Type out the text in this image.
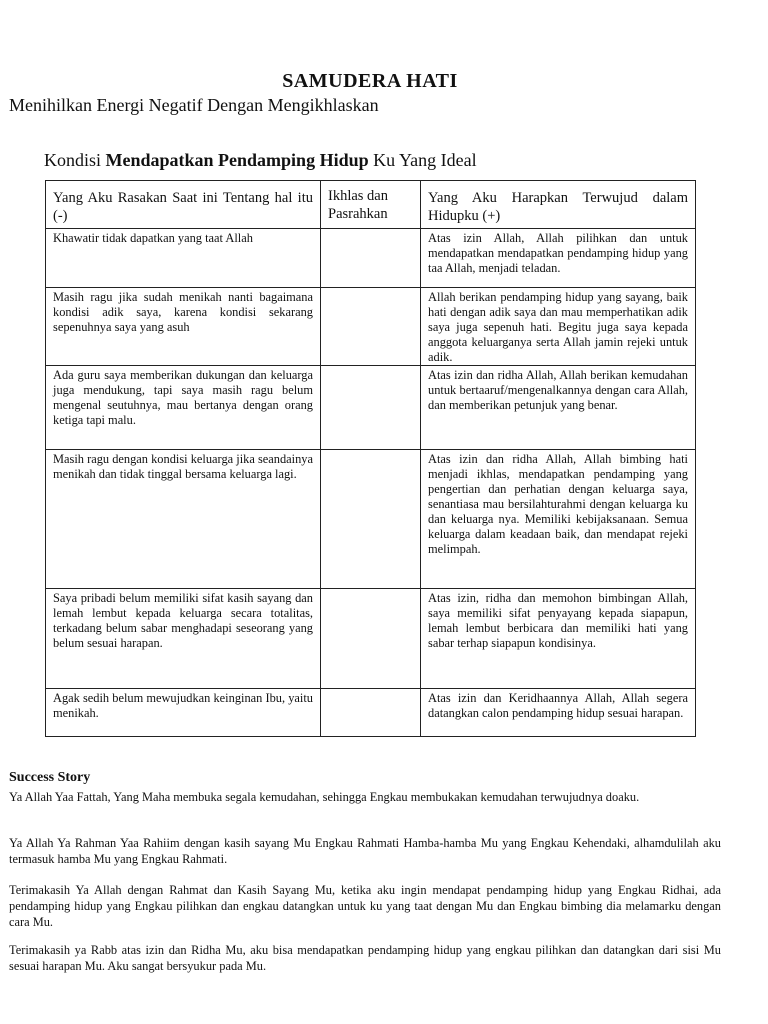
SAMUDERA HATI
Menihilkan Energi Negatif Dengan Mengikhlaskan
Kondisi Mendapatkan Pendamping Hidup Ku Yang Ideal
Yang Aku Rasakan Saat ini Tentang hal itu (-)	Ikhlas dan Pasrahkan	Yang Aku Harapkan Terwujud dalam Hidupku (+)
Khawatir tidak dapatkan yang taat Allah		Atas izin Allah, Allah pilihkan dan untuk mendapatkan mendapatkan pendamping hidup yang taa Allah, menjadi teladan.
Masih ragu jika sudah menikah nanti bagaimana kondisi adik saya, karena kondisi sekarang sepenuhnya saya yang asuh		Allah berikan pendamping hidup yang sayang, baik hati dengan adik saya dan mau memperhatikan adik saya juga sepenuh hati. Begitu juga saya kepada anggota keluarganya serta Allah jamin rejeki untuk adik.
Ada guru saya memberikan dukungan dan keluarga juga mendukung, tapi saya masih ragu belum mengenal seutuhnya, mau bertanya dengan orang ketiga tapi malu.		Atas izin dan ridha Allah, Allah berikan kemudahan untuk bertaaruf/mengenalkannya dengan cara Allah, dan memberikan petunjuk yang benar.
Masih ragu dengan kondisi keluarga jika seandainya menikah dan tidak tinggal bersama keluarga lagi.		Atas izin dan ridha Allah, Allah bimbing hati menjadi ikhlas, mendapatkan pendamping yang pengertian dan perhatian dengan keluarga saya, senantiasa mau bersilahturahmi dengan keluarga ku dan keluarga nya. Memiliki kebijaksanaan. Semua keluarga dalam keadaan baik, dan mendapat rejeki melimpah.
Saya pribadi belum memiliki sifat kasih sayang dan lemah lembut kepada keluarga secara totalitas, terkadang belum sabar menghadapi seseorang yang belum sesuai harapan.		Atas izin, ridha dan memohon bimbingan Allah, saya memiliki sifat penyayang kepada siapapun, lemah lembut berbicara dan memiliki hati yang sabar terhap siapapun kondisinya.
Agak sedih belum mewujudkan keinginan Ibu, yaitu menikah.		Atas izin dan Keridhaannya Allah, Allah segera datangkan calon pendamping hidup sesuai harapan.
Success Story
Ya Allah Yaa Fattah, Yang Maha membuka segala kemudahan, sehingga Engkau membukakan kemudahan terwujudnya doaku.
Ya Allah Ya Rahman Yaa Rahiim dengan kasih sayang Mu Engkau Rahmati Hamba-hamba Mu yang Engkau Kehendaki, alhamdulilah aku termasuk hamba Mu yang Engkau Rahmati.
Terimakasih Ya Allah dengan Rahmat dan Kasih Sayang Mu, ketika aku ingin mendapat pendamping hidup yang Engkau Ridhai, ada pendamping hidup yang Engkau pilihkan dan engkau datangkan untuk ku yang taat dengan Mu dan Engkau bimbing dia melamarku dengan cara Mu.
Terimakasih ya Rabb atas izin dan Ridha Mu, aku bisa mendapatkan pendamping hidup yang engkau pilihkan dan datangkan dari sisi Mu sesuai harapan Mu. Aku sangat bersyukur pada Mu.
